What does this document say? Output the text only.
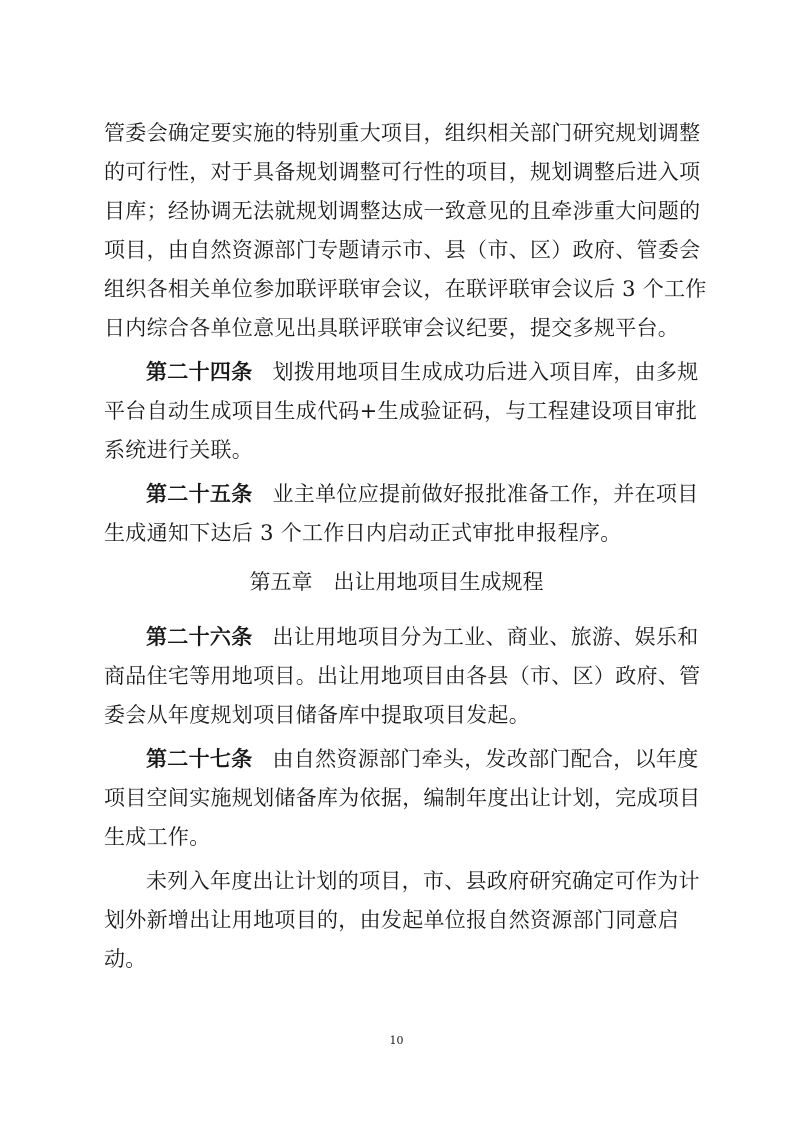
管委会确定要实施的特别重大项目，组织相关部门研究规划调整
的可行性，对于具备规划调整可行性的项目，规划调整后进入项
目库；经协调无法就规划调整达成一致意见的且牵涉重大问题的
项目，由自然资源部门专题请示市、县（市、区）政府、管委会
组织各相关单位参加联评联审会议，在联评联审会议后 3 个工作
日内综合各单位意见出具联评联审会议纪要，提交多规平台。
第二十四条 划拨用地项目生成成功后进入项目库，由多规
平台自动生成项目生成代码+生成验证码，与工程建设项目审批
系统进行关联。
第二十五条 业主单位应提前做好报批准备工作，并在项目
生成通知下达后 3 个工作日内启动正式审批申报程序。
第五章　出让用地项目生成规程
第二十六条 出让用地项目分为工业、商业、旅游、娱乐和
商品住宅等用地项目。出让用地项目由各县（市、区）政府、管
委会从年度规划项目储备库中提取项目发起。
第二十七条 由自然资源部门牵头，发改部门配合，以年度
项目空间实施规划储备库为依据，编制年度出让计划，完成项目
生成工作。
未列入年度出让计划的项目，市、县政府研究确定可作为计
划外新增出让用地项目的，由发起单位报自然资源部门同意启
动。
10
